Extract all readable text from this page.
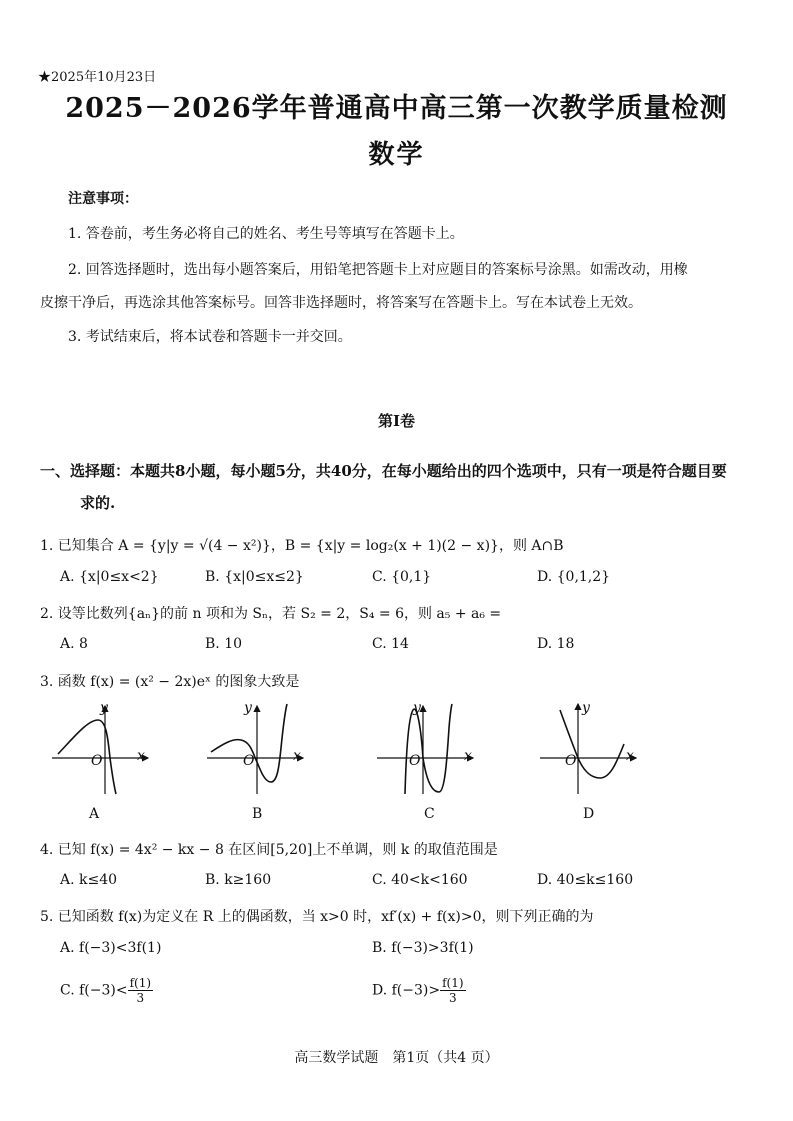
★2025年10月23日
2025－2026学年普通高中高三第一次教学质量检测
数学
注意事项：
1. 答卷前，考生务必将自己的姓名、考生号等填写在答题卡上。
2. 回答选择题时，选出每小题答案后，用铅笔把答题卡上对应题目的答案标号涂黑。如需改动，用橡
皮擦干净后，再选涂其他答案标号。回答非选择题时，将答案写在答题卡上。写在本试卷上无效。
3. 考试结束后，将本试卷和答题卡一并交回。
第Ⅰ卷
一、选择题：本题共8小题，每小题5分，共40分，在每小题给出的四个选项中，只有一项是符合题目要
求的.
1. 已知集合 A = {y|y = √(4 − x²)}，B = {x|y = log₂(x + 1)(2 − x)}，则 A∩B
A. {x|0≤x<2}	B. {x|0≤x≤2}	C. {0,1}	D. {0,1,2}
2. 设等比数列{aₙ}的前 n 项和为 Sₙ，若 S₂ = 2，S₄ = 6，则 a₅ + a₆ =
A. 8	B. 10	C. 14	D. 18
3. 函数 f(x) = (x² − 2x)eˣ 的图象大致是
y
x
O
A
y
x
O
B
y
x
O
C
y
x
O
D
4. 已知 f(x) = 4x² − kx − 8 在区间[5,20]上不单调，则 k 的取值范围是
A. k≤40	B. k≥160	C. 40<k<160	D. 40≤k≤160
5. 已知函数 f(x)为定义在 R 上的偶函数，当 x>0 时，xf′(x) + f(x)>0，则下列正确的为
A. f(−3)<3f(1)	B. f(−3)>3f(1)
C. $f(-3)< \frac{f(1)}{3}$	D. $f(-3)> \frac{f(1)}{3}$
高三数学试题　第1页（共4 页）
